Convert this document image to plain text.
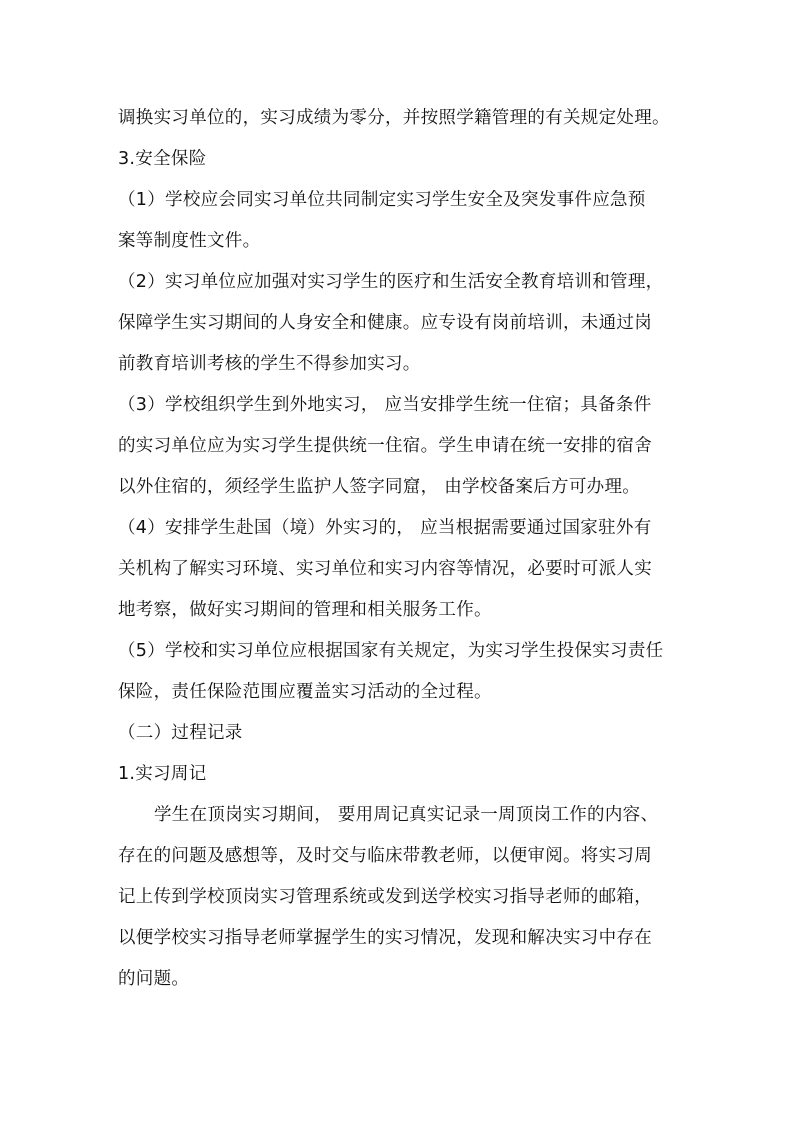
调换实习单位的，实习成绩为零分，并按照学籍管理的有关规定处理。
3.安全保险
（1）学校应会同实习单位共同制定实习学生安全及突发事件应急预
案等制度性文件。
（2）实习单位应加强对实习学生的医疗和生活安全教育培训和管理，
保障学生实习期间的人身安全和健康。应专设有岗前培训，未通过岗
前教育培训考核的学生不得参加实习。
（3）学校组织学生到外地实习， 应当安排学生统一住宿；具备条件
的实习单位应为实习学生提供统一住宿。学生申请在统一安排的宿舍
以外住宿的，须经学生监护人签字同窟， 由学校备案后方可办理。
（4）安排学生赴国（境）外实习的， 应当根据需要通过国家驻外有
关机构了解实习环境、实习单位和实习内容等情况，必要时可派人实
地考察，做好实习期间的管理和相关服务工作。
（5）学校和实习单位应根据国家有关规定，为实习学生投保实习责任
保险，责任保险范围应覆盖实习活动的全过程。
（二）过程记录
1.实习周记
学生在顶岗实习期间， 要用周记真实记录一周顶岗工作的内容、
存在的问题及感想等，及时交与临床带教老师，以便审阅。将实习周
记上传到学校顶岗实习管理系统或发到送学校实习指导老师的邮箱，
以便学校实习指导老师掌握学生的实习情况，发现和解决实习中存在
的问题。
